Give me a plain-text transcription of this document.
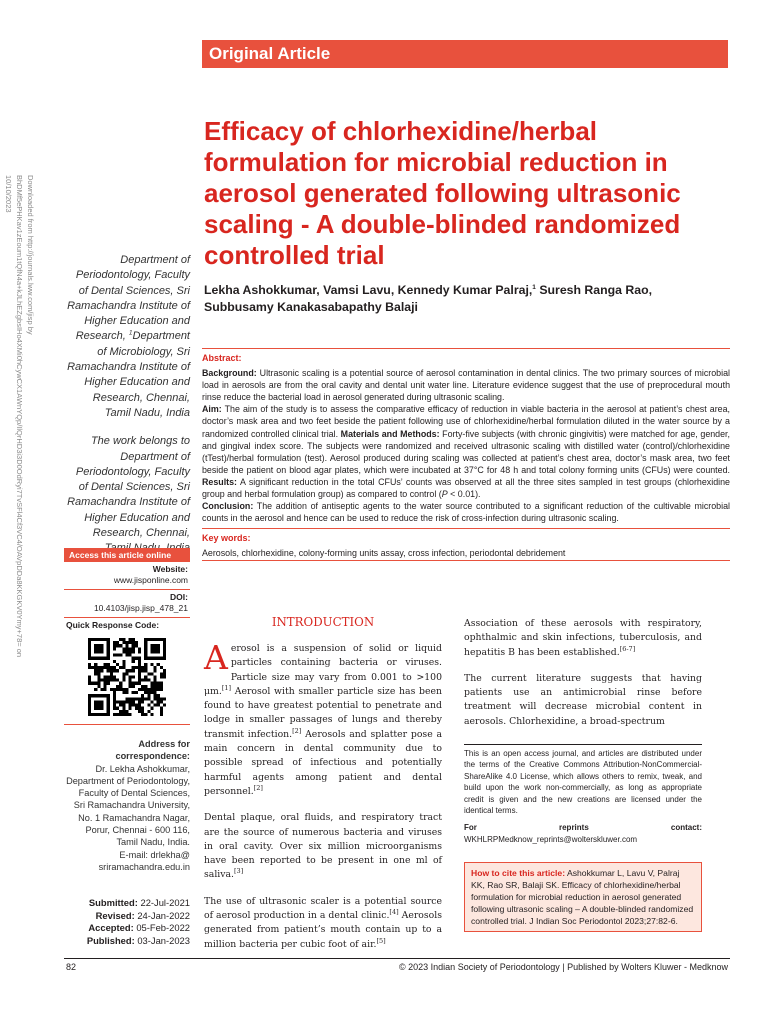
Downloaded from http://journals.lww.com/jisp by BhDMf5ePHKav1zEoum1tQfN4a+kJLhEZgbsIHo4XMi0hCywCX1AWnYQp/IlQrHD3i3D0OdRyi7TvSFl4Cf3VC4/OAVpDDa8KKGKV0Ymy+78= on 10/10/2023
Original Article
Efficacy of chlorhexidine/herbal formulation for microbial reduction in aerosol generated following ultrasonic scaling - A double-blinded randomized controlled trial
Lekha Ashokkumar, Vamsi Lavu, Kennedy Kumar Palraj,$^1$ Suresh Ranga Rao,
Subbusamy Kanakasabapathy Balaji

Department of Periodontology, Faculty of Dental Sciences, Sri Ramachandra Institute of Higher Education and Research, $^1$Department of Microbiology, Sri Ramachandra Institute of Higher Education and Research, Chennai, Tamil Nadu, India

The work belongs to Department of Periodontology, Faculty of Dental Sciences, Sri Ramachandra Institute of Higher Education and Research, Chennai,

Abstract:

Background: Ultrasonic scaling is a potential source of aerosol contamination in dental clinics. The two primary sources of microbial load in aerosols are from the oral cavity and dental unit water line. Literature evidence suggest that the use of preprocedural mouth rinse reduce the bacterial load in aerosol generated during ultrasonic scaling.

Aim: The aim of the study is to assess the comparative efficacy of reduction in viable bacteria in the aerosol at patient’s chest area, doctor’s mask area and two feet beside the patient following use of chlorhexidine/herbal formulation diluted in the water source by a randomized controlled clinical trial. Materials and Methods: Forty-five subjects (with chronic gingivitis) were matched for age, gender, and gingival index score. The subjects were randomized and received ultrasonic scaling with distilled water (control)/chlorhexidine (tTest)/herbal formulation (test). Aerosol produced during scaling was collected at patient’s chest area, doctor’s mask area, two feet beside the patient on blood agar plates, which were incubated at 37°C for 48 h and total colony forming units (CFUs) were counted. Results: A significant reduction in the total CFUs’ counts was observed at all the three sites sampled in test groups (chlorhexidine group and herbal formulation group) as compared to control (P < 0.01).

Conclusion: The addition of antiseptic agents to the water source contributed to a significant reduction of the cultivable microbial counts in the aerosol and hence can be used to reduce the risk of cross-infection during ultrasonic scaling.

Key words:

Aerosols, chlorhexidine, colony-forming units assay, cross infection, periodontal debridement

Access this article online
Website:
www.jisponline.com
DOI:
10.4103/jisp.jisp_478_21
Quick Response Code:
Address for correspondence:
Dr. Lekha Ashokkumar, Department of Periodontology, Faculty of Dental Sciences, Sri Ramachandra University, No. 1 Ramachandra Nagar, Porur, Chennai - 600 116, Tamil Nadu, India.
E-mail: drlekha@
sriramachandra.edu.in
Submitted: 22-Jul-2021
Revised: 24-Jan-2022
Accepted: 05-Feb-2022
Published: 03-Jan-2023
INTRODUCTION

Aerosol is a suspension of solid or liquid particles containing bacteria or viruses. Particle size may vary from 0.001 to >100 μm.[1] Aerosol with smaller particle size has been found to have greatest potential to penetrate and lodge in smaller passages of lungs and thereby transmit infection.[2] Aerosols and splatter pose a main concern in dental community due to possible spread of infectious and potentially harmful agents among patient and dental personnel.[2]

Dental plaque, oral fluids, and respiratory tract are the source of numerous bacteria and viruses in oral cavity. Over six million microorganisms have been reported to be present in one ml of saliva.[3]

The use of ultrasonic scaler is a potential source of aerosol production in a dental clinic.[4] Aerosols generated from patient’s mouth contain up to a million bacteria per cubic foot of air.[5]

Association of these aerosols with respiratory, ophthalmic and skin infections, tuberculosis, and hepatitis B has been established.[6-7]

The current literature suggests that having patients use an antimicrobial rinse before treatment will decrease microbial content in aerosols. Chlorhexidine, a broad-spectrum

This is an open access journal, and articles are distributed under the terms of the Creative Commons Attribution-NonCommercial-ShareAlike 4.0 License, which allows others to remix, tweak, and build upon the work non-commercially, as long as appropriate credit is given and the new creations are licensed under the identical terms.

For reprints contact: WKHLRPMedknow_reprints@wolterskluwer.com

How to cite this article: Ashokkumar L, Lavu V, Palraj KK, Rao SR, Balaji SK. Efficacy of chlorhexidine/herbal formulation for microbial reduction in aerosol generated following ultrasonic scaling – A double-blinded randomized controlled trial. J Indian Soc Periodontol 2023;27:82-6.

82	© 2023 Indian Society of Periodontology | Published by Wolters Kluwer - Medknow
